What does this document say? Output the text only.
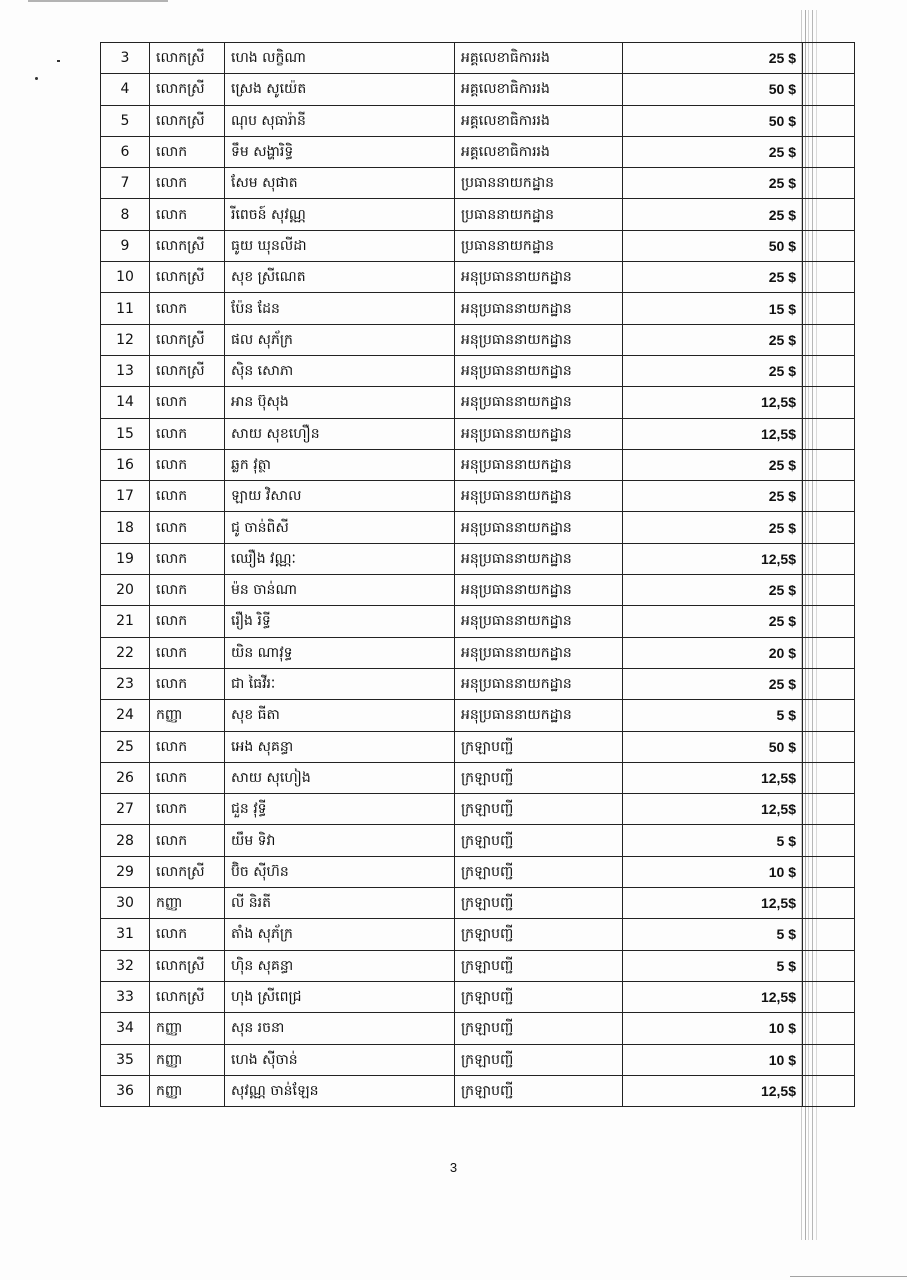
3	លោកស្រី	ហេង លក្ខិណា	អគ្គលេខាធិការរង	25 $	
4	លោកស្រី	ស្រេង សូយ៉េត	អគ្គលេខាធិការរង	50 $	
5	លោកស្រី	ណុប សុធារ៉ានី	អគ្គលេខាធិការរង	50 $	
6	លោក	ទឹម សង្ហារិទ្ធិ	អគ្គលេខាធិការរង	25 $	
7	លោក	សែម សុផាត	ប្រធាននាយកដ្ឋាន	25 $	
8	លោក	រីពេចន៍ សុវណ្ណ	ប្រធាននាយកដ្ឋាន	25 $	
9	លោកស្រី	ធូយ ឃុនលីដា	ប្រធាននាយកដ្ឋាន	50 $	
10	លោកស្រី	សុខ ស្រីណេត	អនុប្រធាននាយកដ្ឋាន	25 $	
11	លោក	ប៉ែន ដែន	អនុប្រធាននាយកដ្ឋាន	15 $	
12	លោកស្រី	ផល សុភ័ក្រ	អនុប្រធាននាយកដ្ឋាន	25 $	
13	លោកស្រី	ស៊ិន សោភា	អនុប្រធាននាយកដ្ឋាន	25 $	
14	លោក	អាន ប៊ុសុង	អនុប្រធាននាយកដ្ឋាន	12,5$	
15	លោក	សាយ សុខហឿន	អនុប្រធាននាយកដ្ឋាន	12,5$	
16	លោក	ឆ្លក វុត្ថា	អនុប្រធាននាយកដ្ឋាន	25 $	
17	លោក	ឡាយ វិសាល	អនុប្រធាននាយកដ្ឋាន	25 $	
18	លោក	ជូ ចាន់ពិសី	អនុប្រធាននាយកដ្ឋាន	25 $	
19	លោក	ឈឿង វណ្ណៈ	អនុប្រធាននាយកដ្ឋាន	12,5$	
20	លោក	ម៉ន ចាន់ណា	អនុប្រធាននាយកដ្ឋាន	25 $	
21	លោក	រឿង រិទ្ធី	អនុប្រធាននាយកដ្ឋាន	25 $	
22	លោក	យិន ណាវុទ្ធ	អនុប្រធាននាយកដ្ឋាន	20 $	
23	លោក	ជា ធៃវីរៈ	អនុប្រធាននាយកដ្ឋាន	25 $	
24	កញ្ញា	សុខ ធីតា	អនុប្រធាននាយកដ្ឋាន	5 $	
25	លោក	អេង សុគន្ធា	ក្រឡាបញ្ជី	50 $	
26	លោក	សាយ សុហៀង	ក្រឡាបញ្ជី	12,5$	
27	លោក	ជួន វុទ្ធី	ក្រឡាបញ្ជី	12,5$	
28	លោក	យឹម ទិវា	ក្រឡាបញ្ជី	5 $	
29	លោកស្រី	ប៊ិច ស៊ីហ៊ន	ក្រឡាបញ្ជី	10 $	
30	កញ្ញា	លី និរតី	ក្រឡាបញ្ជី	12,5$	
31	លោក	តាំង សុភ័ក្រ	ក្រឡាបញ្ជី	5 $	
32	លោកស្រី	ហ៊ិន សុគន្ធា	ក្រឡាបញ្ជី	5 $	
33	លោកស្រី	ហុង ស្រីពេជ្រ	ក្រឡាបញ្ជី	12,5$	
34	កញ្ញា	សុន រចនា	ក្រឡាបញ្ជី	10 $	
35	កញ្ញា	ហេង ស៊ីចាន់	ក្រឡាបញ្ជី	10 $	
36	កញ្ញា	សុវណ្ណ ចាន់ឡែន	ក្រឡាបញ្ជី	12,5$	
3
